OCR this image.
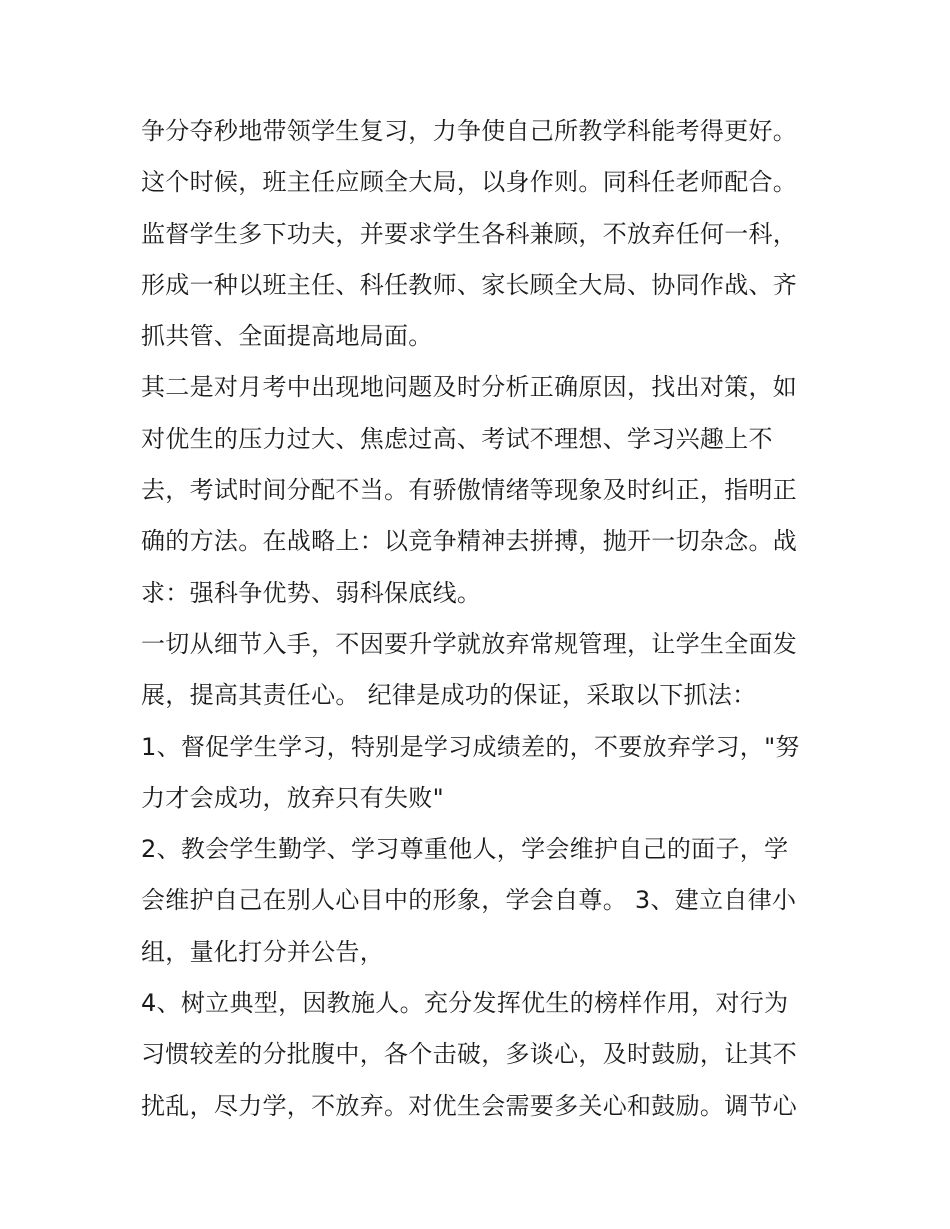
争分夺秒地带领学生复习，力争使自己所教学科能考得更好。
这个时候，班主任应顾全大局，以身作则。同科任老师配合。
监督学生多下功夫，并要求学生各科兼顾，不放弃任何一科，
形成一种以班主任、科任教师、家长顾全大局、协同作战、齐
抓共管、全面提高地局面。
其二是对月考中出现地问题及时分析正确原因，找出对策，如
对优生的压力过大、焦虑过高、考试不理想、学习兴趣上不
去，考试时间分配不当。有骄傲情绪等现象及时纠正，指明正
确的方法。在战略上：以竞争精神去拼搏，抛开一切杂念。战
求：强科争优势、弱科保底线。
一切从细节入手，不因要升学就放弃常规管理，让学生全面发
展，提高其责任心。 纪律是成功的保证，采取以下抓法：
1、督促学生学习，特别是学习成绩差的，不要放弃学习，"努
力才会成功，放弃只有失败"
2、教会学生勤学、学习尊重他人，学会维护自己的面子，学
会维护自己在别人心目中的形象，学会自尊。 3、建立自律小
组，量化打分并公告，
4、树立典型，因教施人。充分发挥优生的榜样作用，对行为
习惯较差的分批腹中，各个击破，多谈心，及时鼓励，让其不
扰乱，尽力学，不放弃。对优生会需要多关心和鼓励。调节心
